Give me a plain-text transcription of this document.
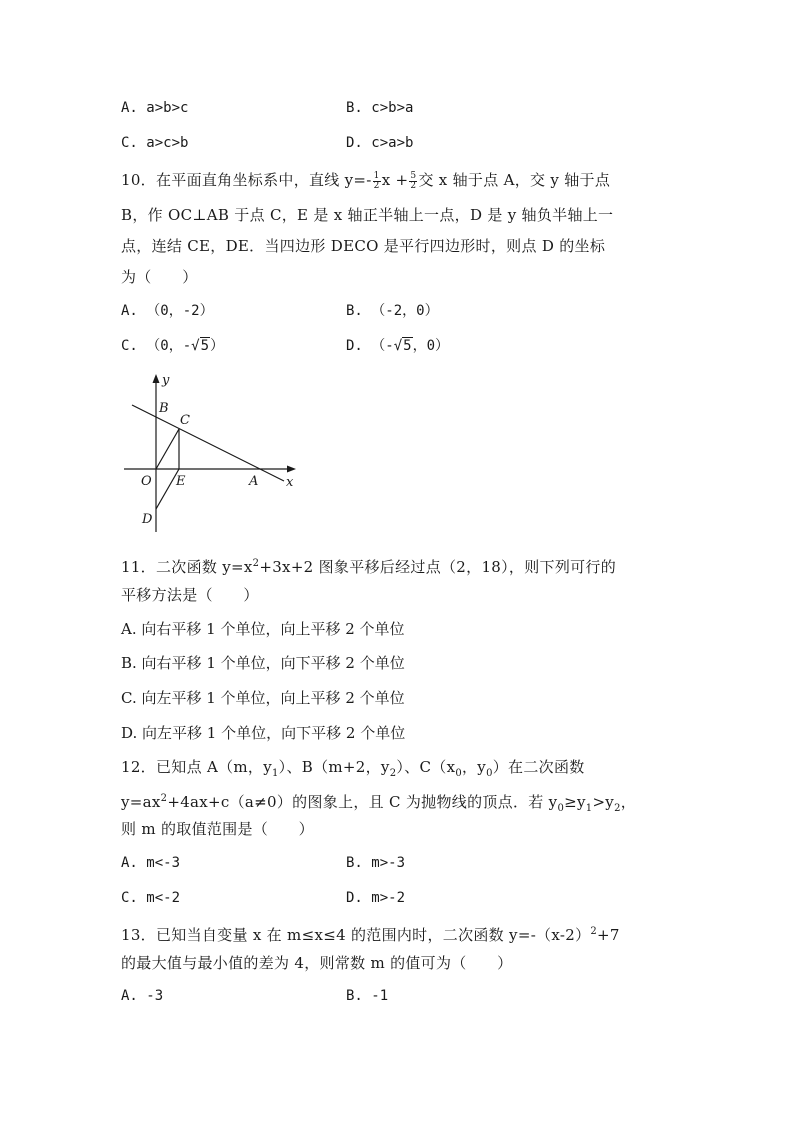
A. a>b>c	B. c>b>a
C. a>c>b	D. c>a>b
10．在平面直角坐标系中，直线 $y=- \frac{1}{2}$ $x + \frac{5}{2}$ 交 x 轴于点 A，交 y 轴于点
B，作 OC⊥AB 于点 C，E 是 x 轴正半轴上一点，D 是 y 轴负半轴上一
点，连结 CE，DE．当四边形 DECO 是平行四边形时，则点 D 的坐标
为（　　）
A. （0，-2）	B. （-2，0）
C. （0，-√5）	D. （-√5，0）
y
x
B
C
O E	A
D
11．二次函数 $y=x^2+3x+2$ 图象平移后经过点（2，18），则下列可行的
平移方法是（　　）
A. 向右平移 1 个单位，向上平移 2 个单位
B. 向右平移 1 个单位，向下平移 2 个单位
C. 向左平移 1 个单位，向上平移 2 个单位
D. 向左平移 1 个单位，向下平移 2 个单位
12．已知点 A（m，$y_1$）、B（m+2，$y_2$）、$C(x_0$，$y_0$）在二次函数
$y=ax^2+4ax+c(a\ne 0)$的图象上，且 C 为抛物线的顶点．若 $y_0\ge y_1>y_2$，
则 m 的取值范围是（　　）
A. m<-3	B. m>-3
C. m<-2	D. m>-2
13．已知当自变量 x 在 m≤x≤4 的范围内时，二次函数 $y=-(x-2)^2+7$
的最大值与最小值的差为 4，则常数 m 的值可为（　　）
A. -3	B. -1
